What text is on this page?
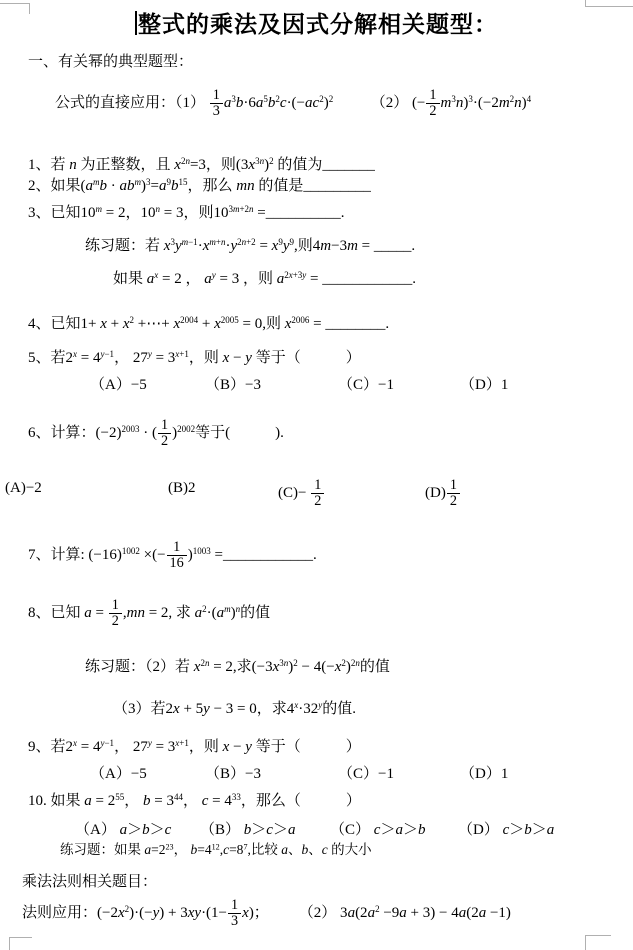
整式的乘法及因式分解相关题型：
一、有关幂的典型题型：
公式的直接应用：$(1) \frac{1}{3} a^3b\cdot 6a^5b^2c\cdot(-ac^2)^2$　　　（2） (− $\frac{1}{2} m^3n)^3\cdot(-2m^2n)^4$
1、若 n 为正整数，且 $x^{2n}=3$，则$(3x^{3n})^2$ 的值为_______
2、如果$(a^mb \cdot ab^m)^3=a^9b^{15}$，那么 mn 的值是_________
3、已知$10^m = 2$，$10^n = 3$，则$10^{3m+2n}$ =__________.
练习题：若 $x^3y^{m-1}\cdot x^{m+n}\cdot y^{2n+2} = x^9y^9$,则4m−3m = _____.
如果 $a^x = 2$ ， $a^y = 3$ ，则 $a^{2x+3y}$ = ____________.
4、已知$1+ x + x^2$ +⋯+ $x^{2004} + x^{2005} = 0$,则 $x^{2006}$ = ________.
5、若$2^x = 4^{y-1}$， $27^y = 3^{x+1}$，则 x − y 等于（　　　）
（A）−5	（B）−3	（C）−1	（D）1
6、计算：$(-2)^{2003}$ · ( $\frac{1}{2} )^{2002}$等于(　　　).
(A)−2	(B)2	$(C)- \frac{1}{2}$	$(D) \frac{1}{2}$
7、计算: $(-16)^{1002}$ ×(− $\frac{1}{16} )^{1003}$ =____________.
8、已知 $a = \frac{1}{2} ,mn = 2$, 求 $a^2\cdot(a^m)^n$的值
练习题：（2）若 $x^{2n} = 2$,求$(-3x^{3n})^2 - 4(-x^2)^{2n}$的值
（3）若2x + 5y − 3 = 0，求$4^x\cdot 32^y$的值.
9、若$2^x = 4^{y-1}$， $27^y = 3^{x+1}$，则 x − y 等于（　　　）
（A）−5	（B）−3	（C）−1	（D）1
10. 如果 $a = 2^{55}$， $b = 3^{44}$， $c = 4^{33}$，那么（　　　）
（A） a＞b＞c （B） b＞c＞a （C） c＞a＞b （D） c＞b＞a
练习题：如果 $a=2^{23}$， $b=4^{12},c=8^7$,比较 a、b、c 的大小
乘法法则相关题目：
法则应用：$(-2x^2)\cdot(-y) + 3xy\cdot(1- \frac{1}{3} x)$；　　　（2） $3a(2a^2 -9a + 3) - 4a(2a -1)$
